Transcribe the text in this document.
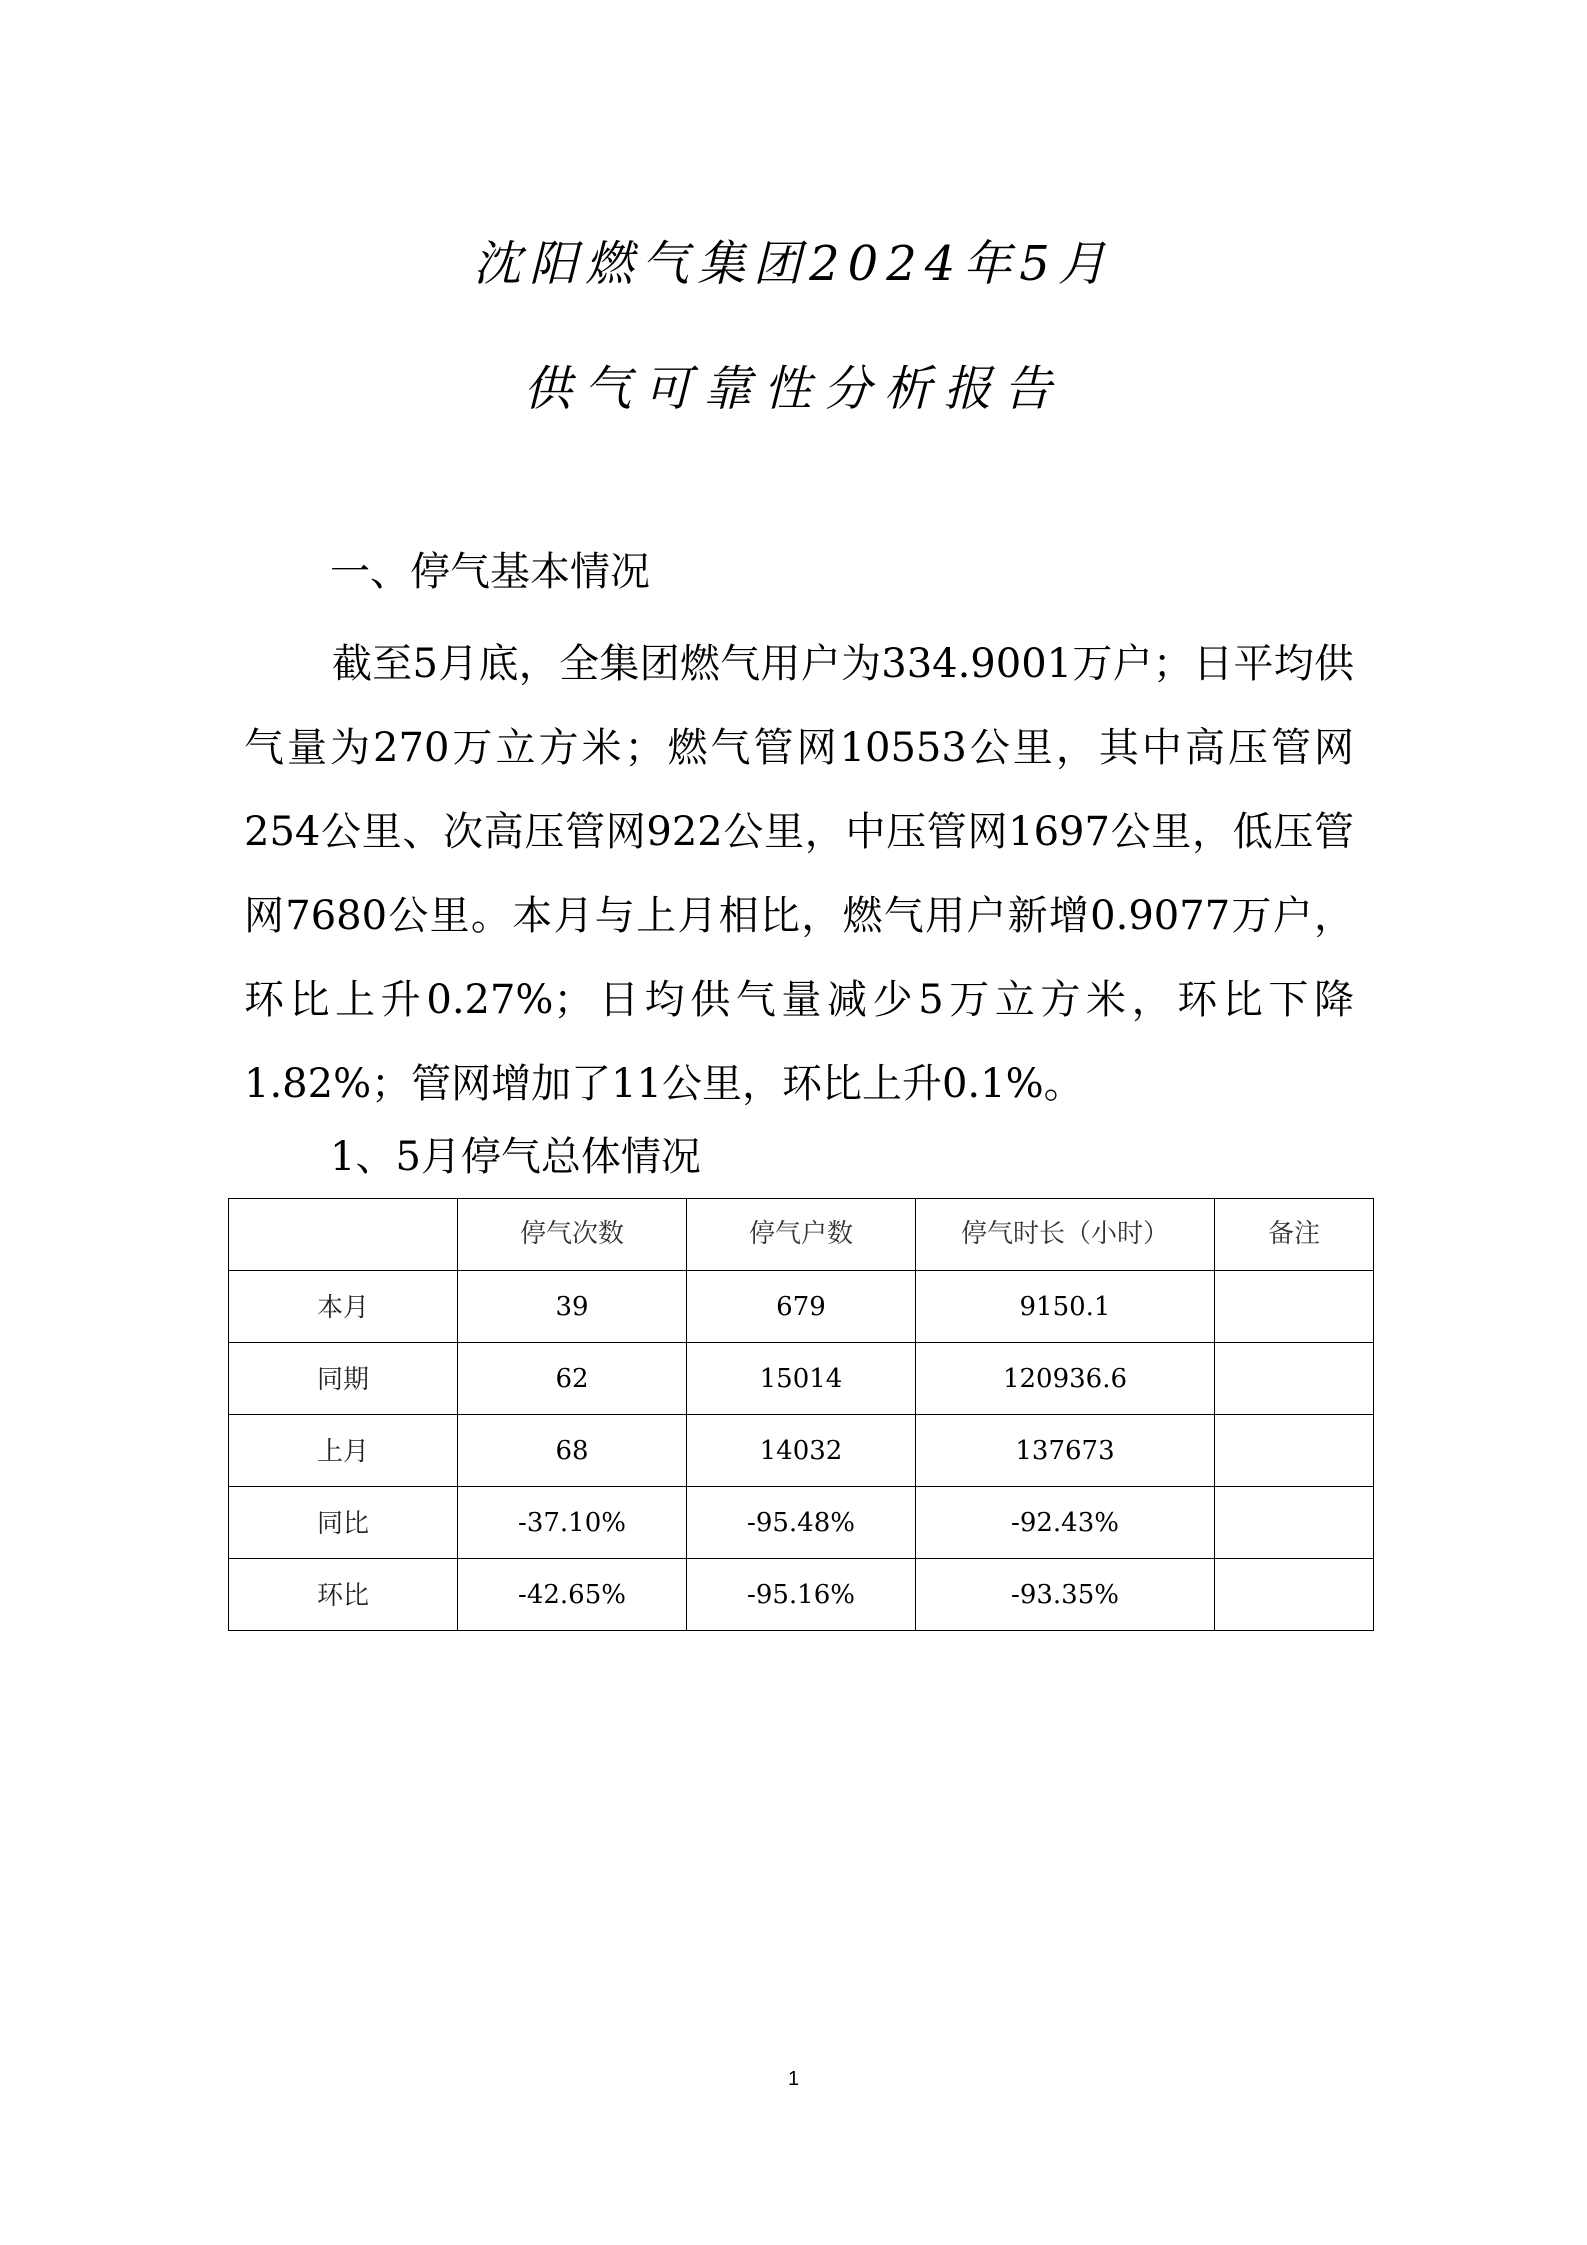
沈阳燃气集团2024年5月
供气可靠性分析报告
一、停气基本情况

截至5月底，全集团燃气用户为334.9001万户；日平均供气量为270万立方米；燃气管网10553公里，其中高压管网254公里、次高压管网922公里，中压管网1697公里，低压管网7680公里。本月与上月相比，燃气用户新增0.9077万户，环比上升0.27%；日均供气量减少5万立方米，环比下降1.82%；管网增加了11公里，环比上升0.1%。

1、5月停气总体情况
	停气次数	停气户数	停气时长（小时）	备注
本月	39	679	9150.1	
同期	62	15014	120936.6	
上月	68	14032	137673	
同比	-37.10%	-95.48%	-92.43%	
环比	-42.65%	-95.16%	-93.35%	
1
